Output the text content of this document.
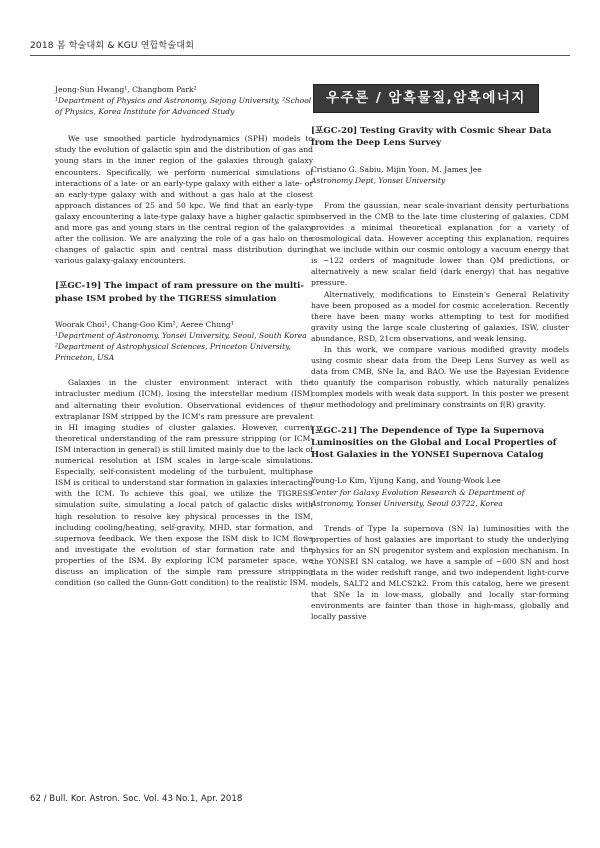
2018 봄 학술대회 & KGU 연합학술대회

Jeong-Sun Hwang¹, Changbom Park²

¹Department of Physics and Astronomy, Sejong University, ²School of Physics, Korea Institute for Advanced Study

We use smoothed particle hydrodynamics (SPH) models to study the evolution of galactic spin and the distribution of gas and young stars in the inner region of the galaxies through galaxy encounters. Specifically, we perform numerical simulations of interactions of a late- or an early-type galaxy with either a late- or an early-type galaxy with and without a gas halo at the closest approach distances of 25 and 50 kpc. We find that an early-type galaxy encountering a late-type galaxy have a higher galactic spin and more gas and young stars in the central region of the galaxy after the collision. We are analyzing the role of a gas halo on the changes of galactic spin and central mass distribution during various galaxy-galaxy encounters.

[포GC-19] The impact of ram pressure on the multi-phase ISM probed by the TIGRESS simulation

Woorak Choi¹, Chang-Goo Kim², Aeree Chung¹

¹Department of Astronomy, Yonsei University, Seoul, South Korea ²Department of Astrophysical Sciences, Princeton University, Princeton, USA

Galaxies in the cluster environment interact with the intracluster medium (ICM), losing the interstellar medium (ISM) and alternating their evolution. Observational evidences of the extraplanar ISM stripped by the ICM's ram pressure are prevalent in HI imaging studies of cluster galaxies. However, current theoretical understanding of the ram pressure stripping (or ICM-ISM interaction in general) is still limited mainly due to the lack of numerical resolution at ISM scales in large-scale simulations. Especially, self-consistent modeling of the turbulent, multiphase ISM is critical to understand star formation in galaxies interacting with the ICM. To achieve this goal, we utilize the TIGRESS simulation suite, simulating a local patch of galactic disks with high resolution to resolve key physical processes in the ISM, including cooling/heating, self-gravity, MHD, star formation, and supernova feedback. We then expose the ISM disk to ICM flows and investigate the evolution of star formation rate and the properties of the ISM. By exploring ICM parameter space, we discuss an implication of the simple ram pressure stripping condition (so called the Gunn-Gott condition) to the realistic ISM.

우주론 / 암흑물질,암흑에너지

[포GC-20] Testing Gravity with Cosmic Shear Data from the Deep Lens Survey

Cristiano G. Sabiu, Mijin Yoon, M. James Jee

Astronomy Dept, Yonsei University

From the gaussian, near scale-invariant density perturbations observed in the CMB to the late time clustering of galaxies, CDM provides a minimal theoretical explanation for a variety of cosmological data. However accepting this explanation, requires that we include within our cosmic ontology a vacuum energy that is ~122 orders of magnitude lower than QM predictions, or alternatively a new scalar field (dark energy) that has negative pressure.

Alternatively, modifications to Einstein's General Relativity have been proposed as a model for cosmic acceleration. Recently there have been many works attempting to test for modified gravity using the large scale clustering of galaxies, ISW, cluster abundance, RSD, 21cm observations, and weak lensing.

In this work, we compare various modified gravity models using cosmic shear data from the Deep Lens Survey as well as data from CMB, SNe Ia, and BAO. We use the Bayesian Evidence to quantify the comparison robustly, which naturally penalizes complex models with weak data support. In this poster we present our methodology and preliminary constraints on f(R) gravity.

[포GC-21] The Dependence of Type Ia Supernova Luminosities on the Global and Local Properties of Host Galaxies in the YONSEI Supernova Catalog

Young-Lo Kim, Yijung Kang, and Young-Wook Lee

Center for Galaxy Evolution Research & Department of Astronomy, Yonsei University, Seoul 03722, Korea

Trends of Type Ia supernova (SN Ia) luminosities with the properties of host galaxies are important to study the underlying physics for an SN progenitor system and explosion mechanism. In the YONSEI SN catalog, we have a sample of ~600 SN and host data in the wider redshift range, and two independent light-curve models, SALT2 and MLCS2k2. From this catalog, here we present that SNe Ia in low-mass, globally and locally star-forming environments are fainter than those in high-mass, globally and locally passive

62 / Bull. Kor. Astron. Soc. Vol. 43 No.1, Apr. 2018
